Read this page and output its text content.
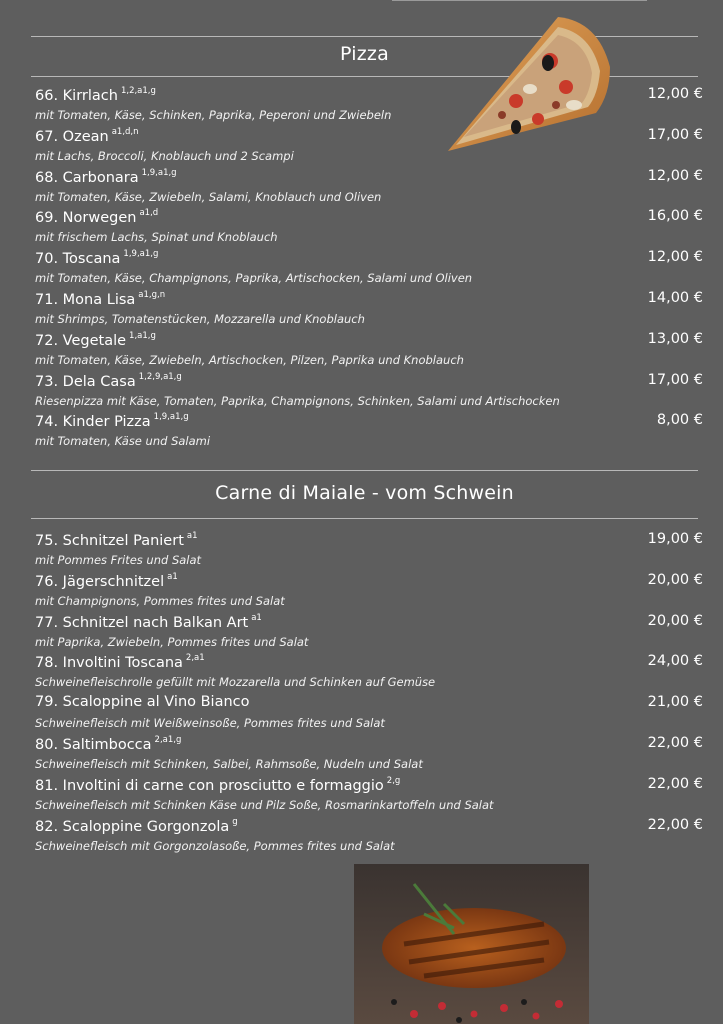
Pizza
66. Kirrlach $^{1,2,a1,g}$
mit Tomaten, Käse, Schinken, Paprika, Peperoni und Zwiebeln
12,00 €
67. Ozean $^{a1,d,n}$
mit Lachs, Broccoli, Knoblauch und 2 Scampi
17,00 €
68. Carbonara $^{1,9,a1,g}$
mit Tomaten, Käse, Zwiebeln, Salami, Knoblauch und Oliven
12,00 €
69. Norwegen $^{a1,d}$
mit frischem Lachs, Spinat und Knoblauch
16,00 €
70. Toscana $^{1,9,a1,g}$
mit Tomaten, Käse, Champignons, Paprika, Artischocken, Salami und Oliven
12,00 €
71. Mona Lisa $^{a1,g,n}$
mit Shrimps, Tomatenstücken, Mozzarella und Knoblauch
14,00 €
72. Vegetale $^{1,a1,g}$
mit Tomaten, Käse, Zwiebeln, Artischocken, Pilzen, Paprika und Knoblauch
13,00 €
73. Dela Casa $^{1,2,9,a1,g}$
Riesenpizza mit Käse, Tomaten, Paprika, Champignons, Schinken, Salami und Artischocken
17,00 €
74. Kinder Pizza $^{1,9,a1,g}$
mit Tomaten, Käse und Salami
8,00 €
Carne di Maiale - vom Schwein
75. Schnitzel Paniert $^{a1}$
mit Pommes Frites und Salat
19,00 €
76. Jägerschnitzel $^{a1}$
mit Champignons, Pommes frites und Salat
20,00 €
77. Schnitzel nach Balkan Art $^{a1}$
mit Paprika, Zwiebeln, Pommes frites und Salat
20,00 €
78. Involtini Toscana $^{2,a1}$
Schweinefleischrolle gefüllt mit Mozzarella und Schinken auf Gemüse
24,00 €
79. Scaloppine al Vino Bianco
Schweinefleisch mit Weißweinsoße, Pommes frites und Salat
21,00 €
80. Saltimbocca $^{2,a1,g}$
Schweinefleisch mit Schinken, Salbei, Rahmsoße, Nudeln und Salat
22,00 €
81. Involtini di carne con prosciutto e formaggio $^{2,g}$
Schweinefleisch mit Schinken Käse und Pilz Soße, Rosmarinkartoffeln und Salat
22,00 €
82. Scaloppine Gorgonzola $^g$
Schweinefleisch mit Gorgonzolasoße, Pommes frites und Salat
22,00 €
